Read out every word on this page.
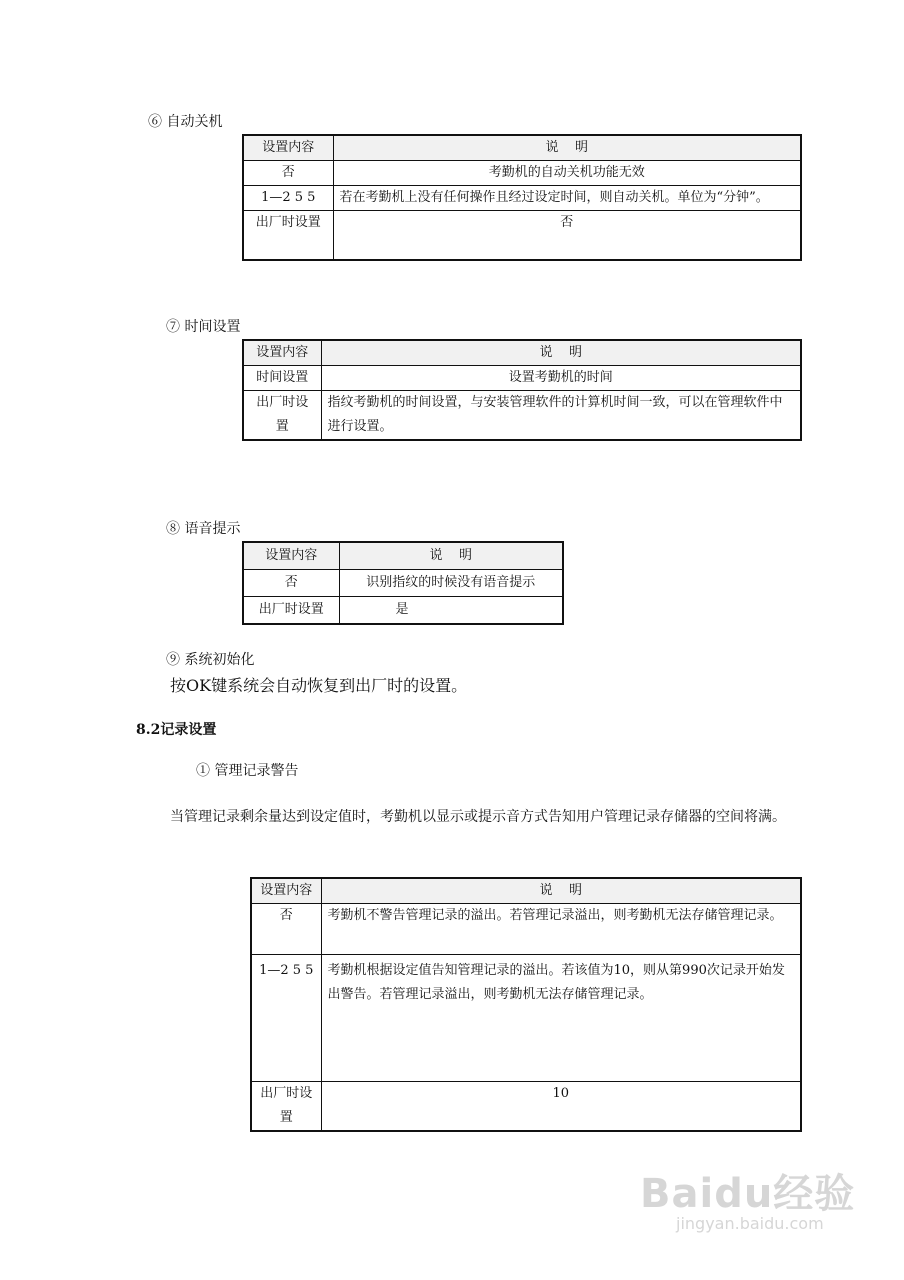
⑥ 自动关机
设置内容	说    明
否	考勤机的自动关机功能无效
1—2 5 5	若在考勤机上没有任何操作且经过设定时间，则自动关机。单位为“分钟”。
出厂时设置	否
⑦ 时间设置
设置内容	说    明
时间设置	设置考勤机的时间
出厂时设置	指纹考勤机的时间设置，与安装管理软件的计算机时间一致，可以在管理软件中进行设置。
⑧ 语音提示
设置内容	说    明
否	识别指纹的时候没有语音提示
出厂时设置	是
⑨ 系统初始化
按OK键系统会自动恢复到出厂时的设置。
8.2记录设置
① 管理记录警告
当管理记录剩余量达到设定值时，考勤机以显示或提示音方式告知用户管理记录存储器的空间将满。
设置内容	说    明
否	考勤机不警告管理记录的溢出。若管理记录溢出，则考勤机无法存储管理记录。
1—2 5 5	考勤机根据设定值告知管理记录的溢出。若该值为10，则从第990次记录开始发出警告。若管理记录溢出，则考勤机无法存储管理记录。
出厂时设置	10
Baidu经验
jingyan.baidu.com
